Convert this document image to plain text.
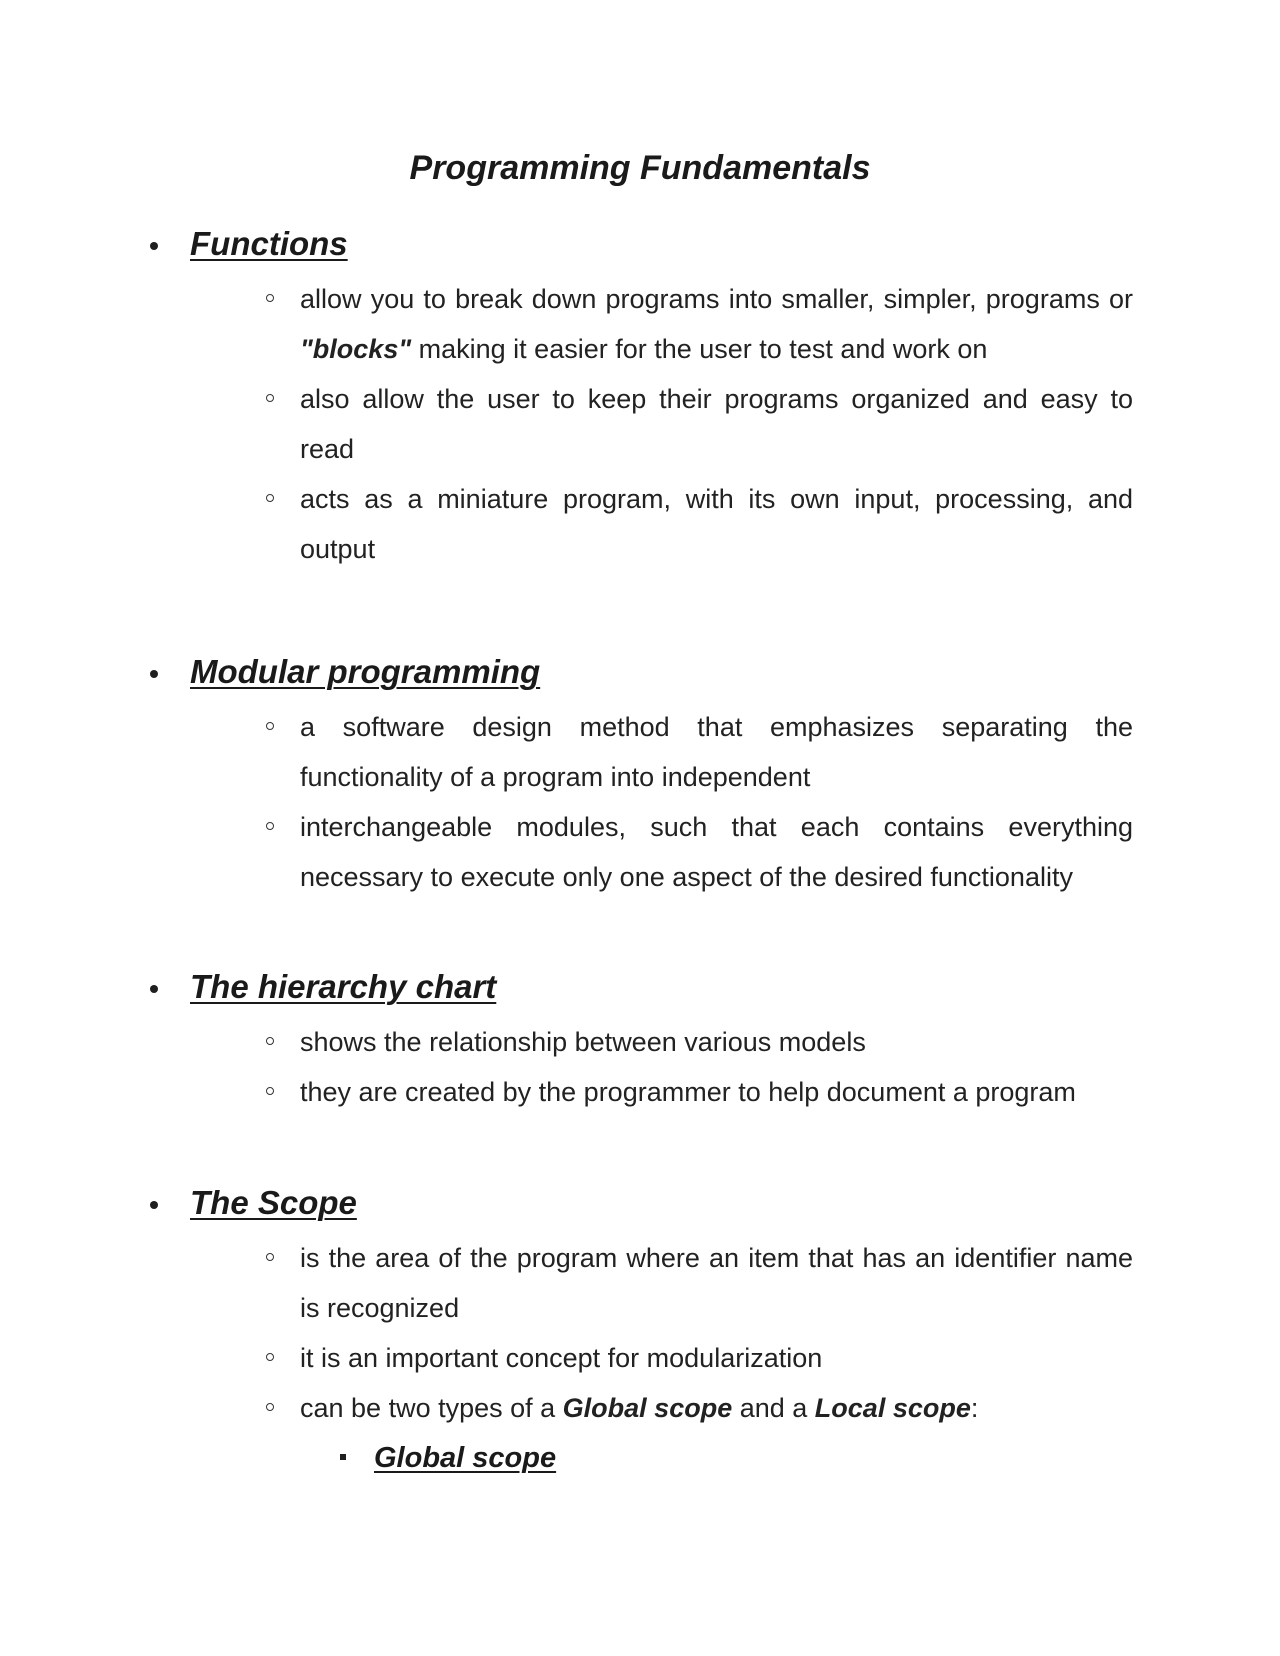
Programming Fundamentals
Functions
allow you to break down programs into smaller, simpler, programs or "blocks" making it easier for the user to test and work on
also allow the user to keep their programs organized and easy to read
acts as a miniature program, with its own input, processing, and output
Modular programming
a software design method that emphasizes separating the functionality of a program into independent
interchangeable modules, such that each contains everything necessary to execute only one aspect of the desired functionality
The hierarchy chart
shows the relationship between various models
they are created by the programmer to help document a program
The Scope
is the area of the program where an item that has an identifier name is recognized
it is an important concept for modularization
can be two types of a Global scope and a Local scope:
Global scope
